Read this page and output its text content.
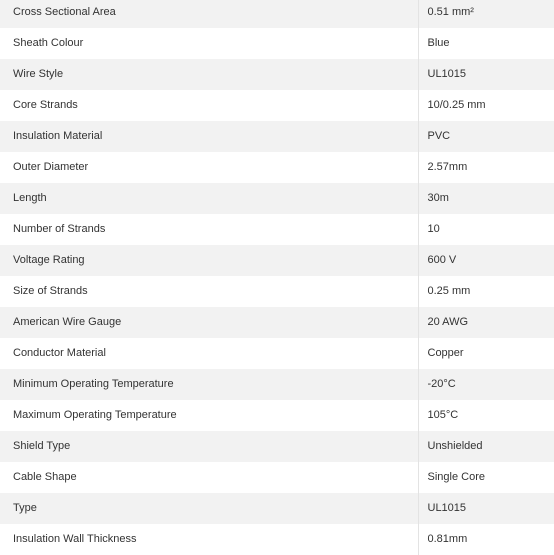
Cross Sectional Area	0.51 mm²
Sheath Colour	Blue
Wire Style	UL1015
Core Strands	10/0.25 mm
Insulation Material	PVC
Outer Diameter	2.57mm
Length	30m
Number of Strands	10
Voltage Rating	600 V
Size of Strands	0.25 mm
American Wire Gauge	20 AWG
Conductor Material	Copper
Minimum Operating Temperature	-20°C
Maximum Operating Temperature	105°C
Shield Type	Unshielded
Cable Shape	Single Core
Type	UL1015
Insulation Wall Thickness	0.81mm
